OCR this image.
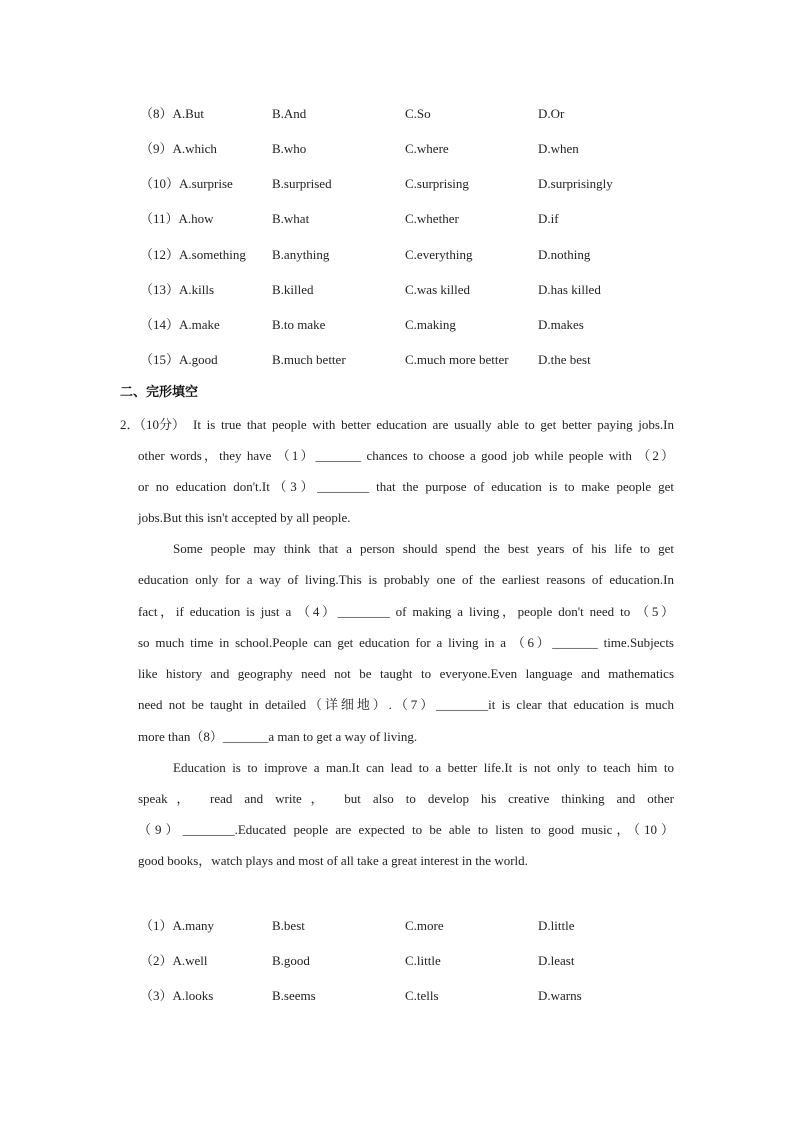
（8）A.But	B.And	C.So	D.Or
（9）A.which	B.who	C.where	D.when
（10）A.surprise	B.surprised	C.surprising	D.surprisingly
（11）A.how	B.what	C.whether	D.if
（12）A.something B.anything	C.everything	D.nothing
（13）A.kills	B.killed	C.was killed	D.has killed
（14）A.make	B.to make	C.making	D.makes
（15）A.good	B.much better	C.much more better D.the best
二、完形填空
2．（10分） It is true that people with better education are usually able to get better paying jobs.In
other words，they have （1）_______ chances to choose a good job while people with （2）
or no education don't.It（3）________ that the purpose of education is to make people get
jobs.But this isn't accepted by all people.
Some people may think that a person should spend the best years of his life to get
education only for a way of living.This is probably one of the earliest reasons of education.In
fact，if education is just a （4）________ of making a living，people don't need to （5）
so much time in school.People can get education for a living in a （6）_______ time.Subjects
like history and geography need not be taught to everyone.Even language and mathematics
need not be taught in detailed（详细地）.（7）________it is clear that education is much
more than（8）_______a man to get a way of living.
Education is to improve a man.It can lead to a better life.It is not only to teach him to
speak， read and write， but also to develop his creative thinking and other
（9）________.Educated people are expected to be able to listen to good music，（10）
good books，watch plays and most of all take a great interest in the world.
（1）A.many	B.best	C.more	D.little
（2）A.well	B.good	C.little	D.least
（3）A.looks	B.seems	C.tells	D.warns
